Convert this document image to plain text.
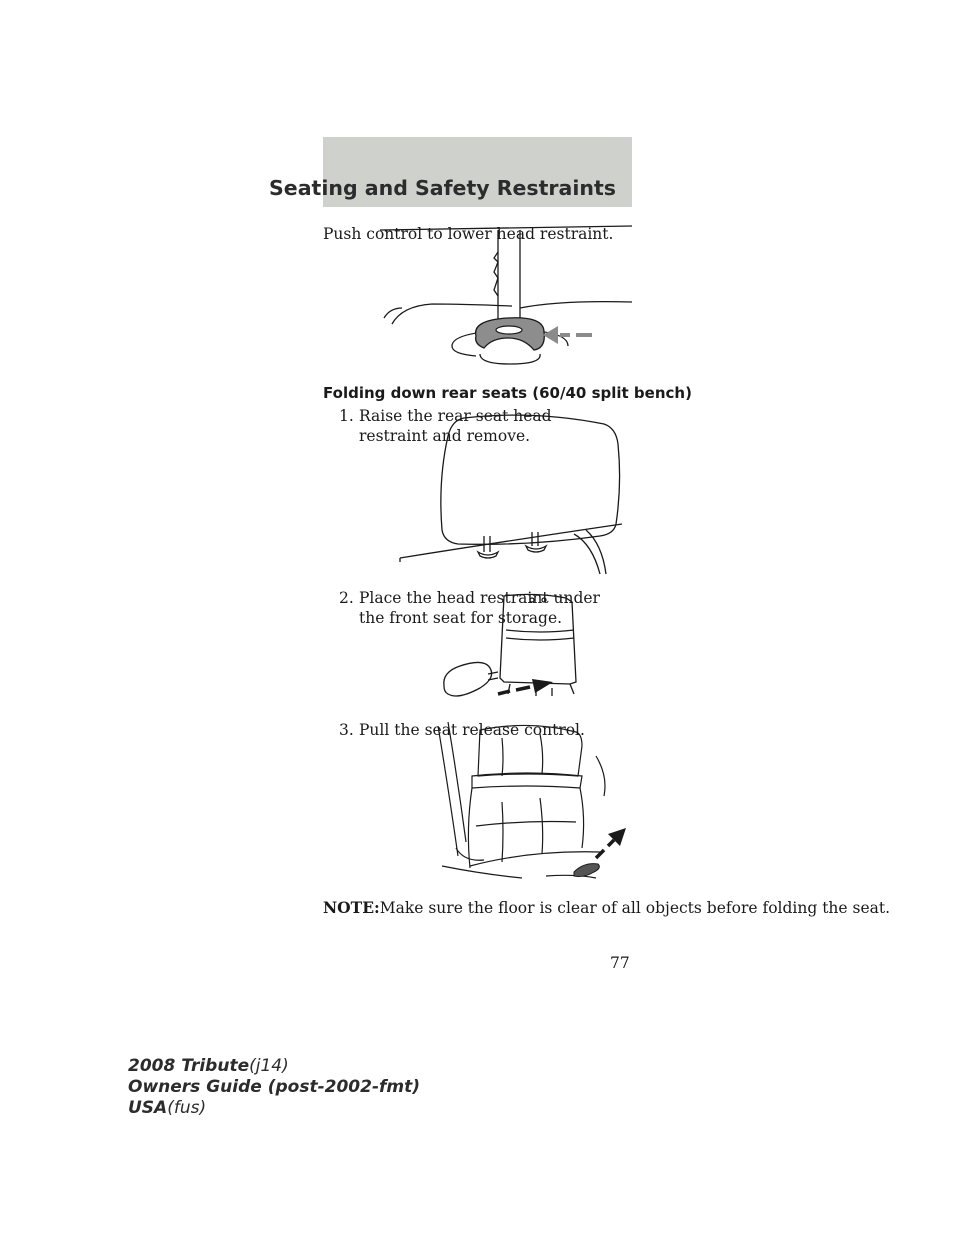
Seating and Safety Restraints
Push control to lower head restraint.
Folding down rear seats (60/40 split bench)
1. Raise the rear seat head
restraint and remove.
2. Place the head restraint under
the front seat for storage.
3. Pull the seat release control.
NOTE:Make sure the floor is clear of all objects before folding the seat.
77
2008 Tribute(j14)
Owners Guide (post-2002-fmt)
USA(fus)
